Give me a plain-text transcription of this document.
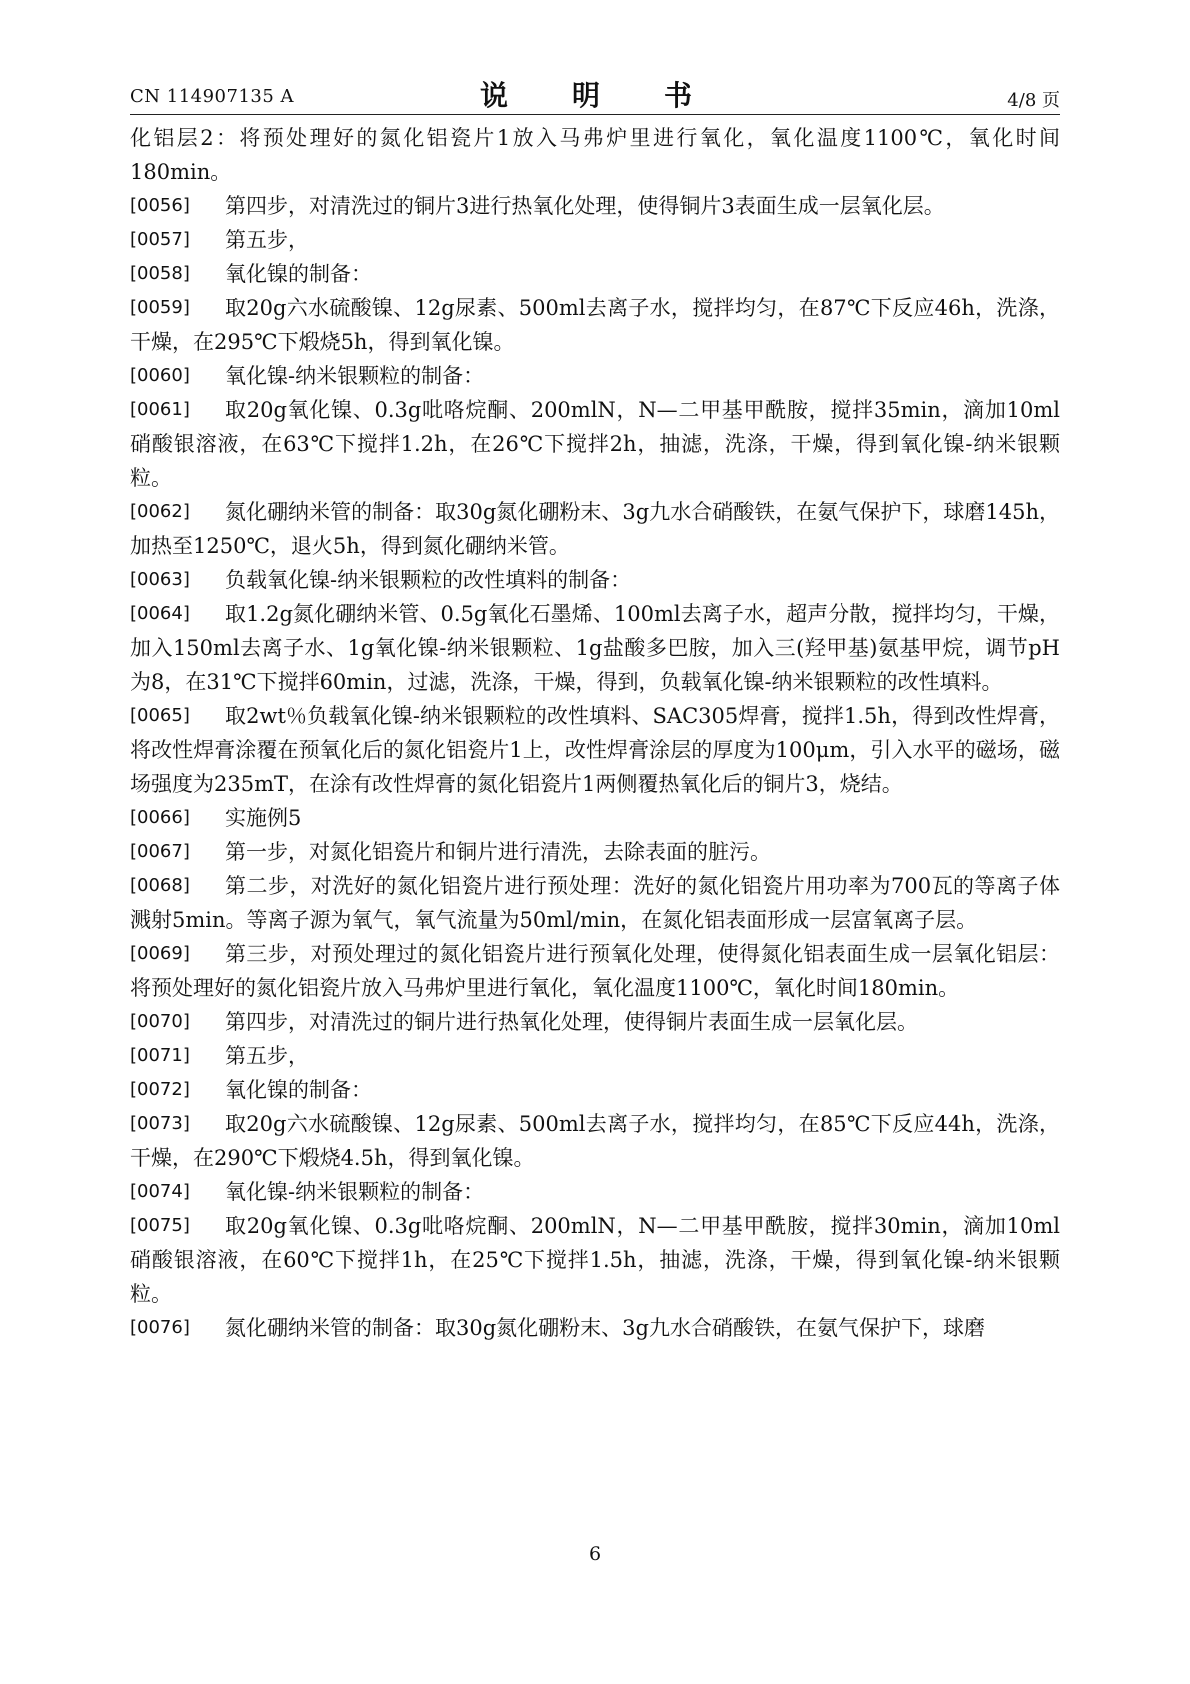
CN 114907135 A	说　明　书	4/8 页

化铝层2：将预处理好的氮化铝瓷片1放入马弗炉里进行氧化，氧化温度1100℃，氧化时间180min。

[0056]	第四步，对清洗过的铜片3进行热氧化处理，使得铜片3表面生成一层氧化层。

[0057]	第五步，

[0058]	氧化镍的制备：

[0059]	取20g六水硫酸镍、12g尿素、500ml去离子水，搅拌均匀，在87℃下反应46h，洗涤，干燥，在295℃下煅烧5h，得到氧化镍。

[0060]	氧化镍-纳米银颗粒的制备：

[0061]	取20g氧化镍、0.3g吡咯烷酮、200mlN，N—二甲基甲酰胺，搅拌35min，滴加10ml硝酸银溶液，在63℃下搅拌1.2h，在26℃下搅拌2h，抽滤，洗涤，干燥，得到氧化镍-纳米银颗粒。

[0062]	氮化硼纳米管的制备：取30g氮化硼粉末、3g九水合硝酸铁，在氨气保护下，球磨145h，加热至1250℃，退火5h，得到氮化硼纳米管。

[0063]	负载氧化镍-纳米银颗粒的改性填料的制备：

[0064]	取1.2g氮化硼纳米管、0.5g氧化石墨烯、100ml去离子水，超声分散，搅拌均匀，干燥，加入150ml去离子水、1g氧化镍-纳米银颗粒、1g盐酸多巴胺，加入三(羟甲基)氨基甲烷，调节pH为8，在31℃下搅拌60min，过滤，洗涤，干燥，得到，负载氧化镍-纳米银颗粒的改性填料。

[0065]	取2wt％负载氧化镍-纳米银颗粒的改性填料、SAC305焊膏，搅拌1.5h，得到改性焊膏，将改性焊膏涂覆在预氧化后的氮化铝瓷片1上，改性焊膏涂层的厚度为100μm，引入水平的磁场，磁场强度为235mT，在涂有改性焊膏的氮化铝瓷片1两侧覆热氧化后的铜片3，烧结。

[0066]	实施例5

[0067]	第一步，对氮化铝瓷片和铜片进行清洗，去除表面的脏污。

[0068]	第二步，对洗好的氮化铝瓷片进行预处理：洗好的氮化铝瓷片用功率为700瓦的等离子体溅射5min。等离子源为氧气，氧气流量为50ml/min，在氮化铝表面形成一层富氧离子层。

[0069]	第三步，对预处理过的氮化铝瓷片进行预氧化处理，使得氮化铝表面生成一层氧化铝层：将预处理好的氮化铝瓷片放入马弗炉里进行氧化，氧化温度1100℃，氧化时间180min。

[0070]	第四步，对清洗过的铜片进行热氧化处理，使得铜片表面生成一层氧化层。

[0071]	第五步，

[0072]	氧化镍的制备：

[0073]	取20g六水硫酸镍、12g尿素、500ml去离子水，搅拌均匀，在85℃下反应44h，洗涤，干燥，在290℃下煅烧4.5h，得到氧化镍。

[0074]	氧化镍-纳米银颗粒的制备：

[0075]	取20g氧化镍、0.3g吡咯烷酮、200mlN，N—二甲基甲酰胺，搅拌30min，滴加10ml硝酸银溶液，在60℃下搅拌1h，在25℃下搅拌1.5h，抽滤，洗涤，干燥，得到氧化镍-纳米银颗粒。

[0076]	氮化硼纳米管的制备：取30g氮化硼粉末、3g九水合硝酸铁，在氨气保护下，球磨

6
